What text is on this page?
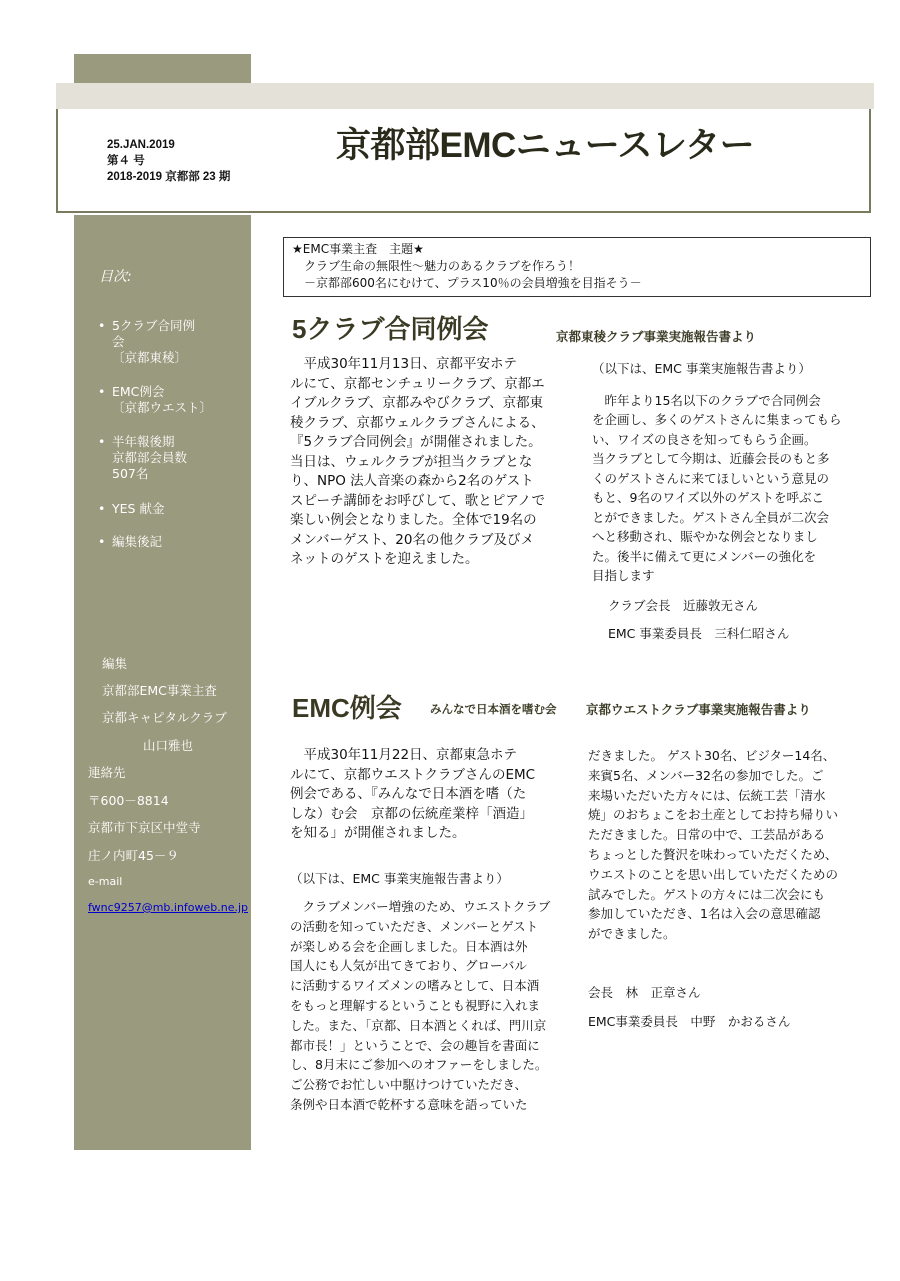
25.JAN.2019
第４ 号
2018-2019 京都部 23 期
京都部EMCニュースレター
目次:
• 5クラブ合同例
会
〔京都東稜〕
• EMC例会
〔京都ウエスト〕
• 半年報後期
京都部会員数
507名
• YES 献金
• 編集後記
編集
京都部EMC事業主査
京都キャピタルクラブ
山口雅也
連絡先
〒600－8814
京都市下京区中堂寺
庄ノ内町45－９
e-mail
fwnc9257@mb.infoweb.ne.jp
★EMC事業主査　主題★
　クラブ生命の無限性～魅力のあるクラブを作ろう！
　－京都部600名にむけて、プラス10％の会員増強を目指そう－
5クラブ合同例会	京都東稜クラブ事業実施報告書より
　平成30年11月13日、京都平安ホテ
ルにて、京都センチュリークラブ、京都エ
イブルクラブ、京都みやびクラブ、京都東
稜クラブ、京都ウェルクラブさんによる、
『5クラブ合同例会』が開催されました。
当日は、ウェルクラブが担当クラブとな
り、NPO 法人音楽の森から2名のゲスト
スピーチ講師をお呼びして、歌とピアノで
楽しい例会となりました。全体で19名の
メンバーゲスト、20名の他クラブ及びメ
ネットのゲストを迎えました。
（以下は、EMC 事業実施報告書より）
　昨年より15名以下のクラブで合同例会
を企画し、多くのゲストさんに集まってもら
い、ワイズの良さを知ってもらう企画。
当クラブとして今期は、近藤会長のもと多
くのゲストさんに来てほしいという意見の
もと、9名のワイズ以外のゲストを呼ぶこ
とができました。ゲストさん全員が二次会
へと移動され、賑やかな例会となりまし
た。後半に備えて更にメンバーの強化を
目指します
クラブ会長　近藤敦无さん
EMC 事業委員長　三科仁昭さん
EMC例会 みんなで日本酒を嗜む会 京都ウエストクラブ事業実施報告書より
　平成30年11月22日、京都東急ホテ
ルにて、京都ウエストクラブさんのEMC
例会である、『みんなで日本酒を嗜（た
しな）む会　京都の伝統産業梓「酒造」
を知る」が開催されました。
（以下は、EMC 事業実施報告書より）
　クラブメンバー増強のため、ウエストクラブ
の活動を知っていただき、メンバーとゲスト
が楽しめる会を企画しました。日本酒は外
国人にも人気が出てきており、グローバル
に活動するワイズメンの嗜みとして、日本酒
をもっと理解するということも視野に入れま
した。また、「京都、日本酒とくれば、門川京
都市長！」ということで、会の趣旨を書面に
し、8月末にご参加へのオファーをしました。
ご公務でお忙しい中駆けつけていただき、
条例や日本酒で乾杯する意味を語っていた
だきました。 ゲスト30名、ビジター14名、
来賓5名、メンバー32名の参加でした。ご
来場いただいた方々には、伝統工芸「清水
焼」のおちょこをお土産としてお持ち帰りい
ただきました。日常の中で、工芸品がある
ちょっとした贅沢を味わっていただくため、
ウエストのことを思い出していただくための
試みでした。ゲストの方々には二次会にも
参加していただき、1名は入会の意思確認
ができました。
会長　林　正章さん
EMC事業委員長　中野　かおるさん
